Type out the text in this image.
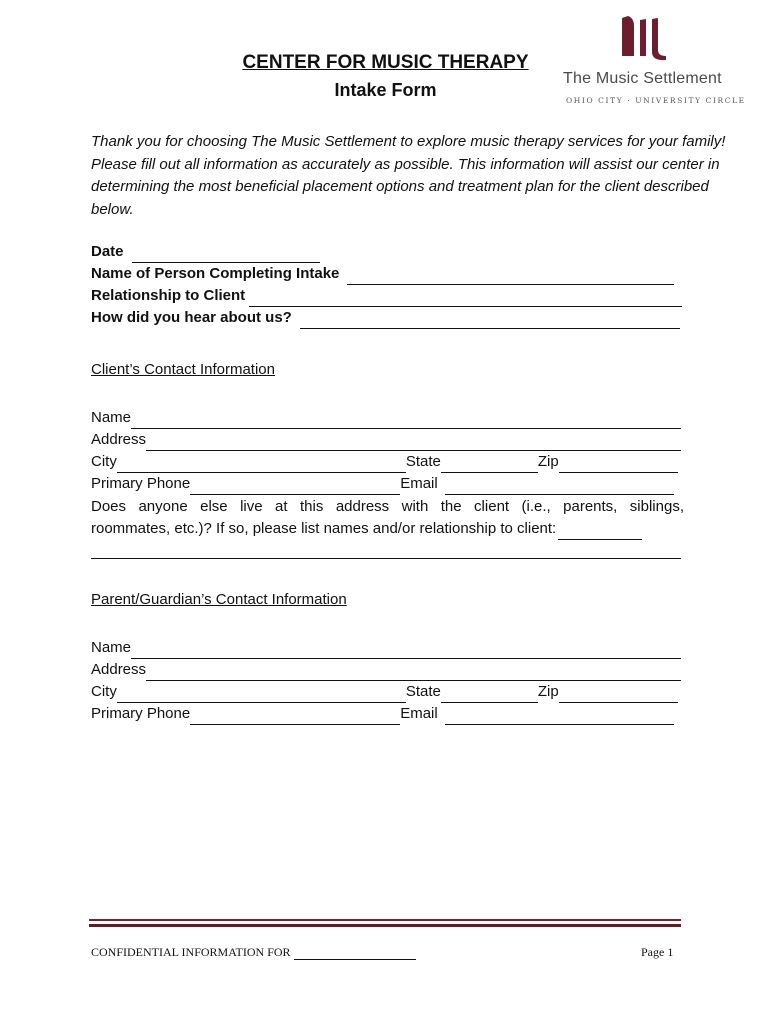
CENTER FOR MUSIC THERAPY
Intake Form
The Music Settlement
OHIO CITY · UNIVERSITY CIRCLE
Thank you for choosing The Music Settlement to explore music therapy services for your family! Please fill out all information as accurately as possible. This information will assist our center in determining the most beneficial placement options and treatment plan for the client described below.
Date
Name of Person Completing Intake
Relationship to Client
How did you hear about us?
Client’s Contact Information
Name
Address
City	State	Zip
Primary Phone	Email
Does anyone else live at this address with the client (i.e., parents, siblings,
roommates, etc.)? If so, please list names and/or relationship to client:
Parent/Guardian’s Contact Information
Name
Address
City	State	Zip
Primary Phone	Email
CONFIDENTIAL INFORMATION FOR	Page 1
